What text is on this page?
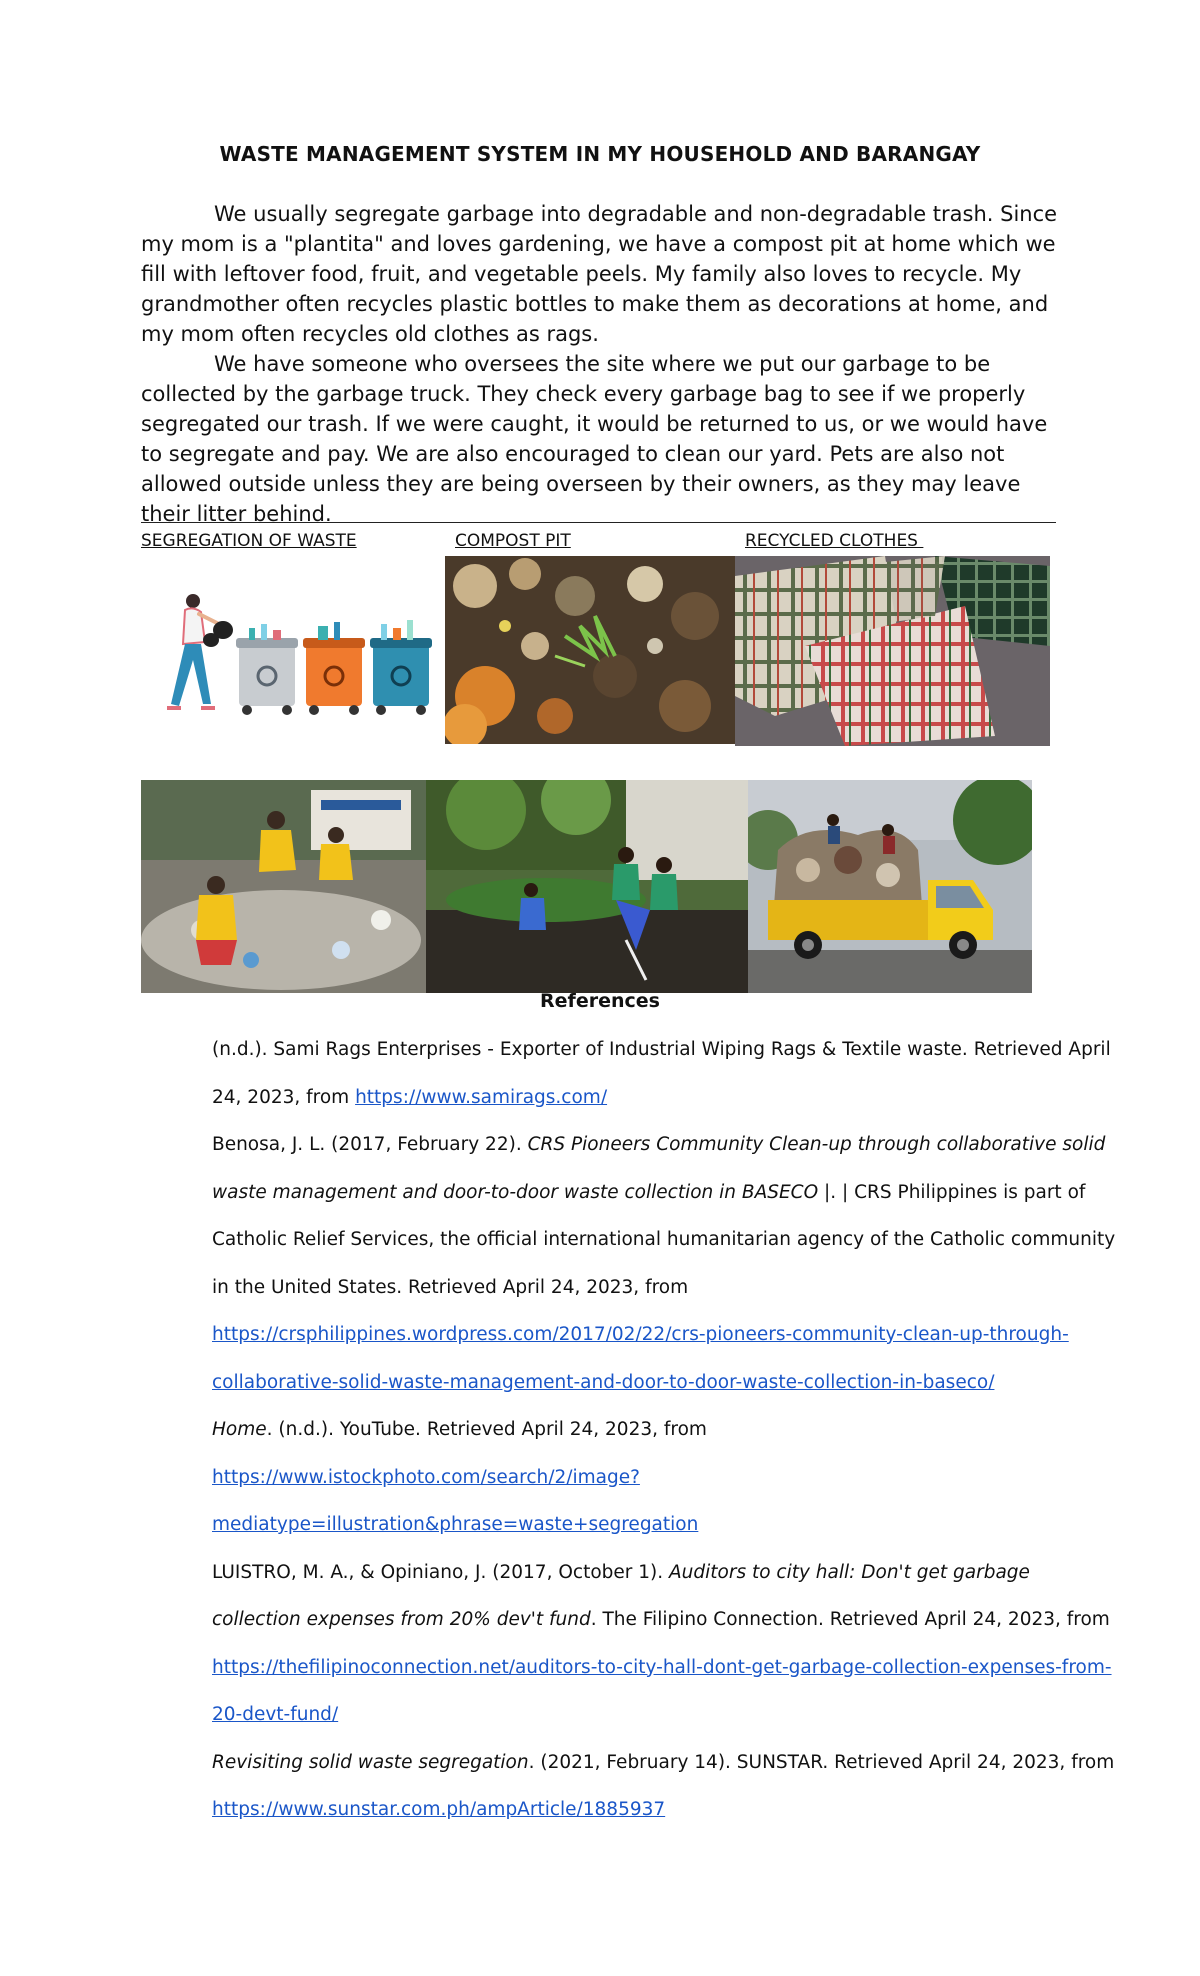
WASTE MANAGEMENT SYSTEM IN MY HOUSEHOLD AND BARANGAY

We usually segregate garbage into degradable and non-degradable trash. Since my mom is a "plantita" and loves gardening, we have a compost pit at home which we fill with leftover food, fruit, and vegetable peels. My family also loves to recycle. My grandmother often recycles plastic bottles to make them as decorations at home, and my mom often recycles old clothes as rags.

We have someone who oversees the site where we put our garbage to be collected by the garbage truck. They check every garbage bag to see if we properly segregated our trash. If we were caught, it would be returned to us, or we would have to segregate and pay. We are also encouraged to clean our yard. Pets are also not allowed outside unless they are being overseen by their owners, as they may leave their litter behind.

SEGREGATION OF WASTE	COMPOST PIT	RECYCLED CLOTHES
References
(n.d.). Sami Rags Enterprises - Exporter of Industrial Wiping Rags & Textile waste. Retrieved April
24, 2023, from https://www.samirags.com/
Benosa, J. L. (2017, February 22). CRS Pioneers Community Clean-up through collaborative solid
waste management and door-to-door waste collection in BASECO |. | CRS Philippines is part of
Catholic Relief Services, the official international humanitarian agency of the Catholic community
in the United States. Retrieved April 24, 2023, from
https://crsphilippines.wordpress.com/2017/02/22/crs-pioneers-community-clean-up-through-
collaborative-solid-waste-management-and-door-to-door-waste-collection-in-baseco/
Home. (n.d.). YouTube. Retrieved April 24, 2023, from
https://www.istockphoto.com/search/2/image?
mediatype=illustration&phrase=waste+segregation
LUISTRO, M. A., & Opiniano, J. (2017, October 1). Auditors to city hall: Don't get garbage
collection expenses from 20% dev't fund. The Filipino Connection. Retrieved April 24, 2023, from
https://thefilipinoconnection.net/auditors-to-city-hall-dont-get-garbage-collection-expenses-from-
20-devt-fund/
Revisiting solid waste segregation. (2021, February 14). SUNSTAR. Retrieved April 24, 2023, from
https://www.sunstar.com.ph/ampArticle/1885937
